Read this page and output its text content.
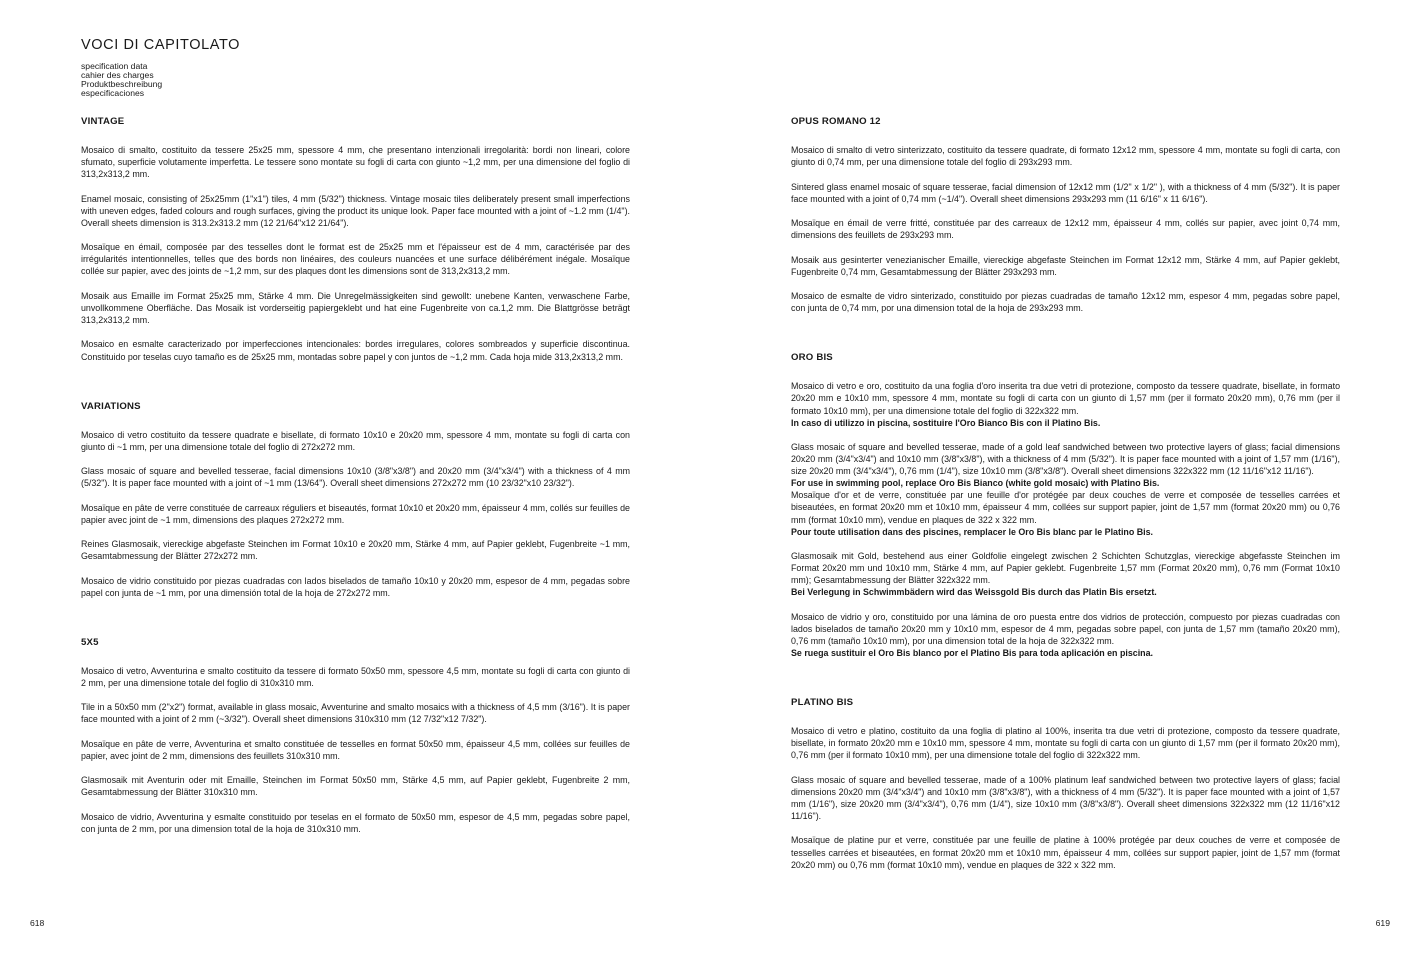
VOCI DI CAPITOLATO
specification data
cahier des charges
Produktbeschreibung
especificaciones
VINTAGE

Mosaico di smalto, costituito da tessere 25x25 mm, spessore 4 mm, che presentano intenzionali irregolarità: bordi non lineari, colore sfumato, superficie volutamente imperfetta. Le tessere sono montate su fogli di carta con giunto ~1,2 mm, per una dimensione del foglio di 313,2x313,2 mm.

Enamel mosaic, consisting of 25x25mm (1"x1") tiles, 4 mm (5/32") thickness. Vintage mosaic tiles deliberately present small imperfections with uneven edges, faded colours and rough surfaces, giving the product its unique look. Paper face mounted with a joint of ~1.2 mm (1/4"). Overall sheets dimension is 313.2x313.2 mm (12 21/64"x12 21/64").

Mosaïque en émail, composée par des tesselles dont le format est de 25x25 mm et l'épaisseur est de 4 mm, caractérisée par des irrégularités intentionnelles, telles que des bords non linéaires, des couleurs nuancées et une surface délibérément inégale. Mosaïque collée sur papier, avec des joints de ~1,2 mm, sur des plaques dont les dimensions sont de 313,2x313,2 mm.

Mosaik aus Emaille im Format 25x25 mm, Stärke 4 mm. Die Unregelmässigkeiten sind gewollt: unebene Kanten, verwaschene Farbe, unvollkommene Oberfläche. Das Mosaik ist vorderseitig papiergeklebt und hat eine Fugenbreite von ca.1,2 mm. Die Blattgrösse beträgt 313,2x313,2 mm.

Mosaico en esmalte caracterizado por imperfecciones intencionales: bordes irregulares, colores sombreados y superficie discontinua. Constituido por teselas cuyo tamaño es de 25x25 mm, montadas sobre papel y con juntos de ~1,2 mm. Cada hoja mide 313,2x313,2 mm.

VARIATIONS

Mosaico di vetro costituito da tessere quadrate e bisellate, di formato 10x10 e 20x20 mm, spessore 4 mm, montate su fogli di carta con giunto di ~1 mm, per una dimensione totale del foglio di 272x272 mm.

Glass mosaic of square and bevelled tesserae, facial dimensions 10x10 (3/8"x3/8") and 20x20 mm (3/4"x3/4") with a thickness of 4 mm (5/32"). It is paper face mounted with a joint of ~1 mm (13/64"). Overall sheet dimensions 272x272 mm (10 23/32"x10 23/32").

Mosaïque en pâte de verre constituée de carreaux réguliers et biseautés, format 10x10 et 20x20 mm, épaisseur 4 mm, collés sur feuilles de papier avec joint de ~1 mm, dimensions des plaques 272x272 mm.

Reines Glasmosaik, viereckige abgefaste Steinchen im Format 10x10 e 20x20 mm, Stärke 4 mm, auf Papier geklebt, Fugenbreite ~1 mm, Gesamtabmessung der Blätter 272x272 mm.

Mosaico de vidrio constituido por piezas cuadradas con lados biselados de tamaño 10x10 y 20x20 mm, espesor de 4 mm, pegadas sobre papel con junta de ~1 mm, por una dimensión total de la hoja de 272x272 mm.

5X5

Mosaico di vetro, Avventurina e smalto costituito da tessere di formato 50x50 mm, spessore 4,5 mm, montate su fogli di carta con giunto di 2 mm, per una dimensione totale del foglio di 310x310 mm.

Tile in a 50x50 mm (2"x2") format, available in glass mosaic, Avventurine and smalto mosaics with a thickness of 4,5 mm (3/16"). It is paper face mounted with a joint of 2 mm (~3/32"). Overall sheet dimensions 310x310 mm (12 7/32"x12 7/32").

Mosaïque en pâte de verre, Avventurina et smalto constituée de tesselles en format 50x50 mm, épaisseur 4,5 mm, collées sur feuilles de papier, avec joint de 2 mm, dimensions des feuillets 310x310 mm.

Glasmosaik mit Aventurin oder mit Emaille, Steinchen im Format 50x50 mm, Stärke 4,5 mm, auf Papier geklebt, Fugenbreite 2 mm, Gesamtabmessung der Blätter 310x310 mm.

Mosaico de vidrio, Avventurina y esmalte constituido por teselas en el formato de 50x50 mm, espesor de 4,5 mm, pegadas sobre papel, con junta de 2 mm, por una dimension total de la hoja de 310x310 mm.

618
OPUS ROMANO 12

Mosaico di smalto di vetro sinterizzato, costituito da tessere quadrate, di formato 12x12 mm, spessore 4 mm, montate su fogli di carta, con giunto di 0,74 mm, per una dimensione totale del foglio di 293x293 mm.

Sintered glass enamel mosaic of square tesserae, facial dimension of 12x12 mm (1/2" x 1/2" ), with a thickness of 4 mm (5/32"). It is paper face mounted with a joint of 0,74 mm (~1/4"). Overall sheet dimensions 293x293 mm (11 6/16" x 11 6/16").

Mosaïque en émail de verre fritté, constituée par des carreaux de 12x12 mm, épaisseur 4 mm, collés sur papier, avec joint 0,74 mm, dimensions des feuillets de 293x293 mm.

Mosaik aus gesinterter venezianischer Emaille, viereckige abgefaste Steinchen im Format 12x12 mm, Stärke 4 mm, auf Papier geklebt, Fugenbreite 0,74 mm, Gesamtabmessung der Blätter 293x293 mm.

Mosaico de esmalte de vidro sinterizado, constituido por piezas cuadradas de tamaño 12x12 mm, espesor 4 mm, pegadas sobre papel, con junta de 0,74 mm, por una dimension total de la hoja de 293x293 mm.

ORO BIS

Mosaico di vetro e oro, costituito da una foglia d'oro inserita tra due vetri di protezione, composto da tessere quadrate, bisellate, in formato 20x20 mm e 10x10 mm, spessore 4 mm, montate su fogli di carta con un giunto di 1,57 mm (per il formato 20x20 mm), 0,76 mm (per il formato 10x10 mm), per una dimensione totale del foglio di 322x322 mm.
In caso di utilizzo in piscina, sostituire l'Oro Bianco Bis con il Platino Bis.

Glass mosaic of square and bevelled tesserae, made of a gold leaf sandwiched between two protective layers of glass; facial dimensions 20x20 mm (3/4"x3/4") and 10x10 mm (3/8"x3/8"), with a thickness of 4 mm (5/32"). It is paper face mounted with a joint of 1,57 mm (1/16"), size 20x20 mm (3/4"x3/4"), 0,76 mm (1/4"), size 10x10 mm (3/8"x3/8"). Overall sheet dimensions 322x322 mm (12 11/16"x12 11/16").
For use in swimming pool, replace Oro Bis Bianco (white gold mosaic) with Platino Bis.
Mosaïque d'or et de verre, constituée par une feuille d'or protégée par deux couches de verre et composée de tesselles carrées et biseautées, en format 20x20 mm et 10x10 mm, épaisseur 4 mm, collées sur support papier, joint de 1,57 mm (format 20x20 mm) ou 0,76 mm (format 10x10 mm), vendue en plaques de 322 x 322 mm.
Pour toute utilisation dans des piscines, remplacer le Oro Bis blanc par le Platino Bis.

Glasmosaik mit Gold, bestehend aus einer Goldfolie eingelegt zwischen 2 Schichten Schutzglas, viereckige abgefasste Steinchen im Format 20x20 mm und 10x10 mm, Stärke 4 mm, auf Papier geklebt. Fugenbreite 1,57 mm (Format 20x20 mm), 0,76 mm (Format 10x10 mm); Gesamtabmessung der Blätter 322x322 mm.
Bei Verlegung in Schwimmbädern wird das Weissgold Bis durch das Platin Bis ersetzt.

Mosaico de vidrio y oro, constituido por una lámina de oro puesta entre dos vidrios de protección, compuesto por piezas cuadradas con lados biselados de tamaño 20x20 mm y 10x10 mm, espesor de 4 mm, pegadas sobre papel, con junta de 1,57 mm (tamaño 20x20 mm), 0,76 mm (tamaño 10x10 mm), por una dimension total de la hoja de 322x322 mm.
Se ruega sustituir el Oro Bis blanco por el Platino Bis para toda aplicación en piscina.

PLATINO BIS

Mosaico di vetro e platino, costituito da una foglia di platino al 100%, inserita tra due vetri di protezione, composto da tessere quadrate, bisellate, in formato 20x20 mm e 10x10 mm, spessore 4 mm, montate su fogli di carta con un giunto di 1,57 mm (per il formato 20x20 mm), 0,76 mm (per il formato 10x10 mm), per una dimensione totale del foglio di 322x322 mm.

Glass mosaic of square and bevelled tesserae, made of a 100% platinum leaf sandwiched between two protective layers of glass; facial dimensions 20x20 mm (3/4"x3/4") and 10x10 mm (3/8"x3/8"), with a thickness of 4 mm (5/32"). It is paper face mounted with a joint of 1,57 mm (1/16"), size 20x20 mm (3/4"x3/4"), 0,76 mm (1/4"), size 10x10 mm (3/8"x3/8"). Overall sheet dimensions 322x322 mm (12 11/16"x12 11/16").

Mosaïque de platine pur et verre, constituée par une feuille de platine à 100% protégée par deux couches de verre et composée de tesselles carrées et biseautées, en format 20x20 mm et 10x10 mm, épaisseur 4 mm, collées sur support papier, joint de 1,57 mm (format 20x20 mm) ou 0,76 mm (format 10x10 mm), vendue en plaques de 322 x 322 mm.

619
